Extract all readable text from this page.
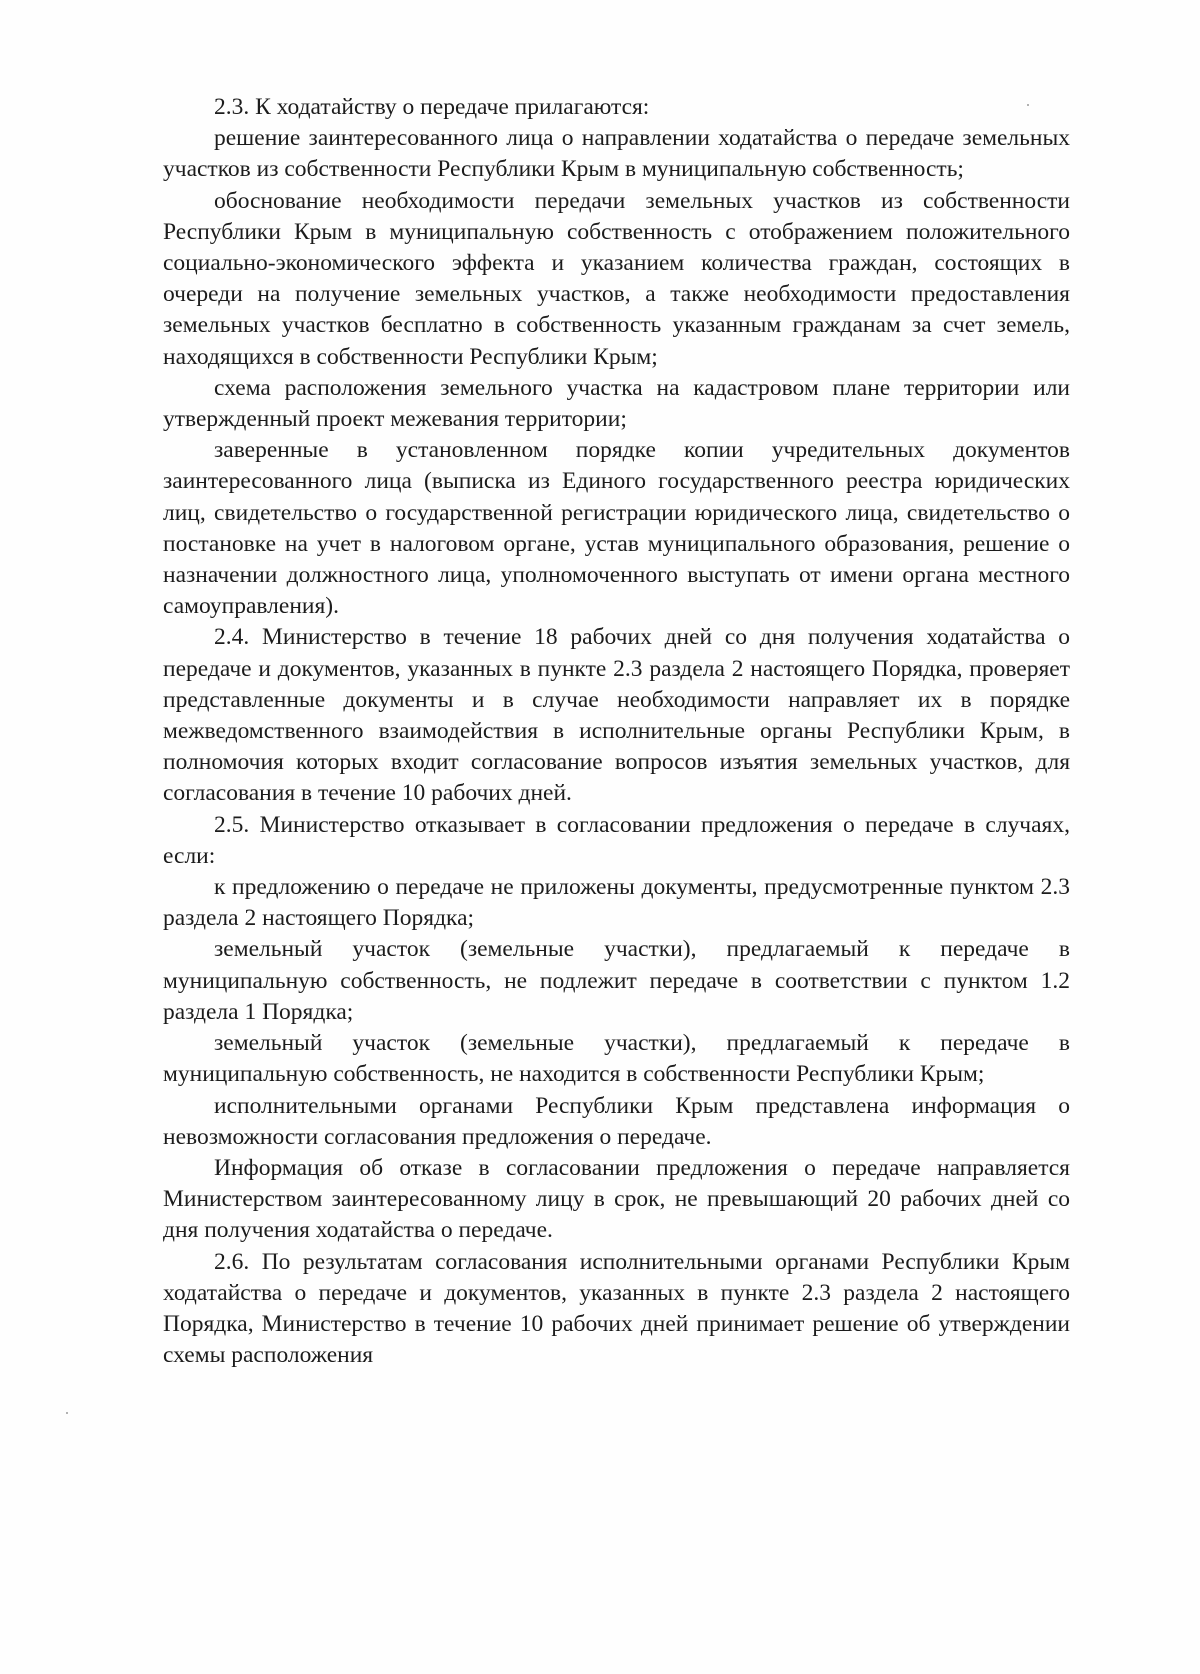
2.3. К ходатайству о передаче прилагаются:

решение заинтересованного лица о направлении ходатайства о передаче земельных участков из собственности Республики Крым в муниципальную собственность;

обоснование необходимости передачи земельных участков из собственности Республики Крым в муниципальную собственность с отображением положительного социально-экономического эффекта и указанием количества граждан, состоящих в очереди на получение земельных участков, а также необходимости предоставления земельных участков бесплатно в собственность указанным гражданам за счет земель, находящихся в собственности Республики Крым;

схема расположения земельного участка на кадастровом плане территории или утвержденный проект межевания территории;

заверенные в установленном порядке копии учредительных документов заинтересованного лица (выписка из Единого государственного реестра юридических лиц, свидетельство о государственной регистрации юридического лица, свидетельство о постановке на учет в налоговом органе, устав муниципального образования, решение о назначении должностного лица, уполномоченного выступать от имени органа местного самоуправления).

2.4. Министерство в течение 18 рабочих дней со дня получения ходатайства о передаче и документов, указанных в пункте 2.3 раздела 2 настоящего Порядка, проверяет представленные документы и в случае необходимости направляет их в порядке межведомственного взаимодействия в исполнительные органы Республики Крым, в полномочия которых входит согласование вопросов изъятия земельных участков, для согласования в течение 10 рабочих дней.

2.5. Министерство отказывает в согласовании предложения о передаче в случаях, если:

к предложению о передаче не приложены документы, предусмотренные пунктом 2.3 раздела 2 настоящего Порядка;

земельный участок (земельные участки), предлагаемый к передаче в муниципальную собственность, не подлежит передаче в соответствии с пунктом 1.2 раздела 1 Порядка;

земельный участок (земельные участки), предлагаемый к передаче в муниципальную собственность, не находится в собственности Республики Крым;

исполнительными органами Республики Крым представлена информация о невозможности согласования предложения о передаче.

Информация об отказе в согласовании предложения о передаче направляется Министерством заинтересованному лицу в срок, не превышающий 20 рабочих дней со дня получения ходатайства о передаче.

2.6. По результатам согласования исполнительными органами Республики Крым ходатайства о передаче и документов, указанных в пункте 2.3 раздела 2 настоящего Порядка, Министерство в течение 10 рабочих дней принимает решение об утверждении схемы расположения
